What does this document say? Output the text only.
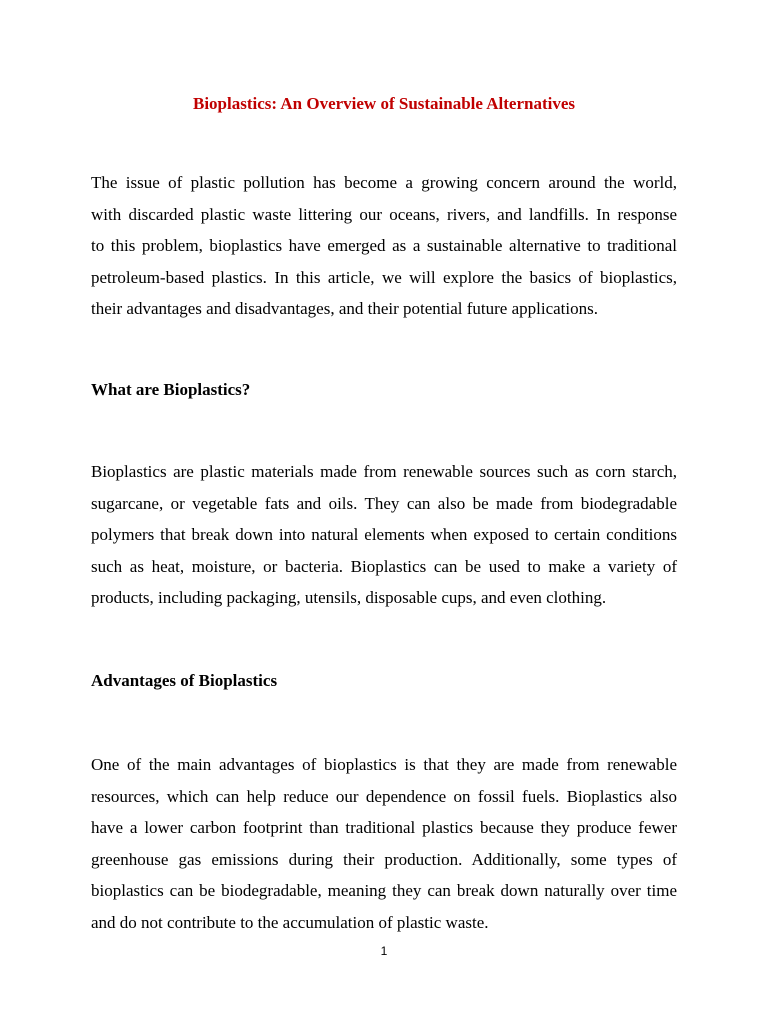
Bioplastics: An Overview of Sustainable Alternatives

The issue of plastic pollution has become a growing concern around the world,
with discarded plastic waste littering our oceans, rivers, and landfills. In response
to this problem, bioplastics have emerged as a sustainable alternative to traditional
petroleum-based plastics. In this article, we will explore the basics of bioplastics,
their advantages and disadvantages, and their potential future applications.

What are Bioplastics?

Bioplastics are plastic materials made from renewable sources such as corn starch,
sugarcane, or vegetable fats and oils. They can also be made from biodegradable
polymers that break down into natural elements when exposed to certain conditions
such as heat, moisture, or bacteria. Bioplastics can be used to make a variety of
products, including packaging, utensils, disposable cups, and even clothing.

Advantages of Bioplastics

One of the main advantages of bioplastics is that they are made from renewable
resources, which can help reduce our dependence on fossil fuels. Bioplastics also
have a lower carbon footprint than traditional plastics because they produce fewer
greenhouse gas emissions during their production. Additionally, some types of
bioplastics can be biodegradable, meaning they can break down naturally over time
and do not contribute to the accumulation of plastic waste.

1
